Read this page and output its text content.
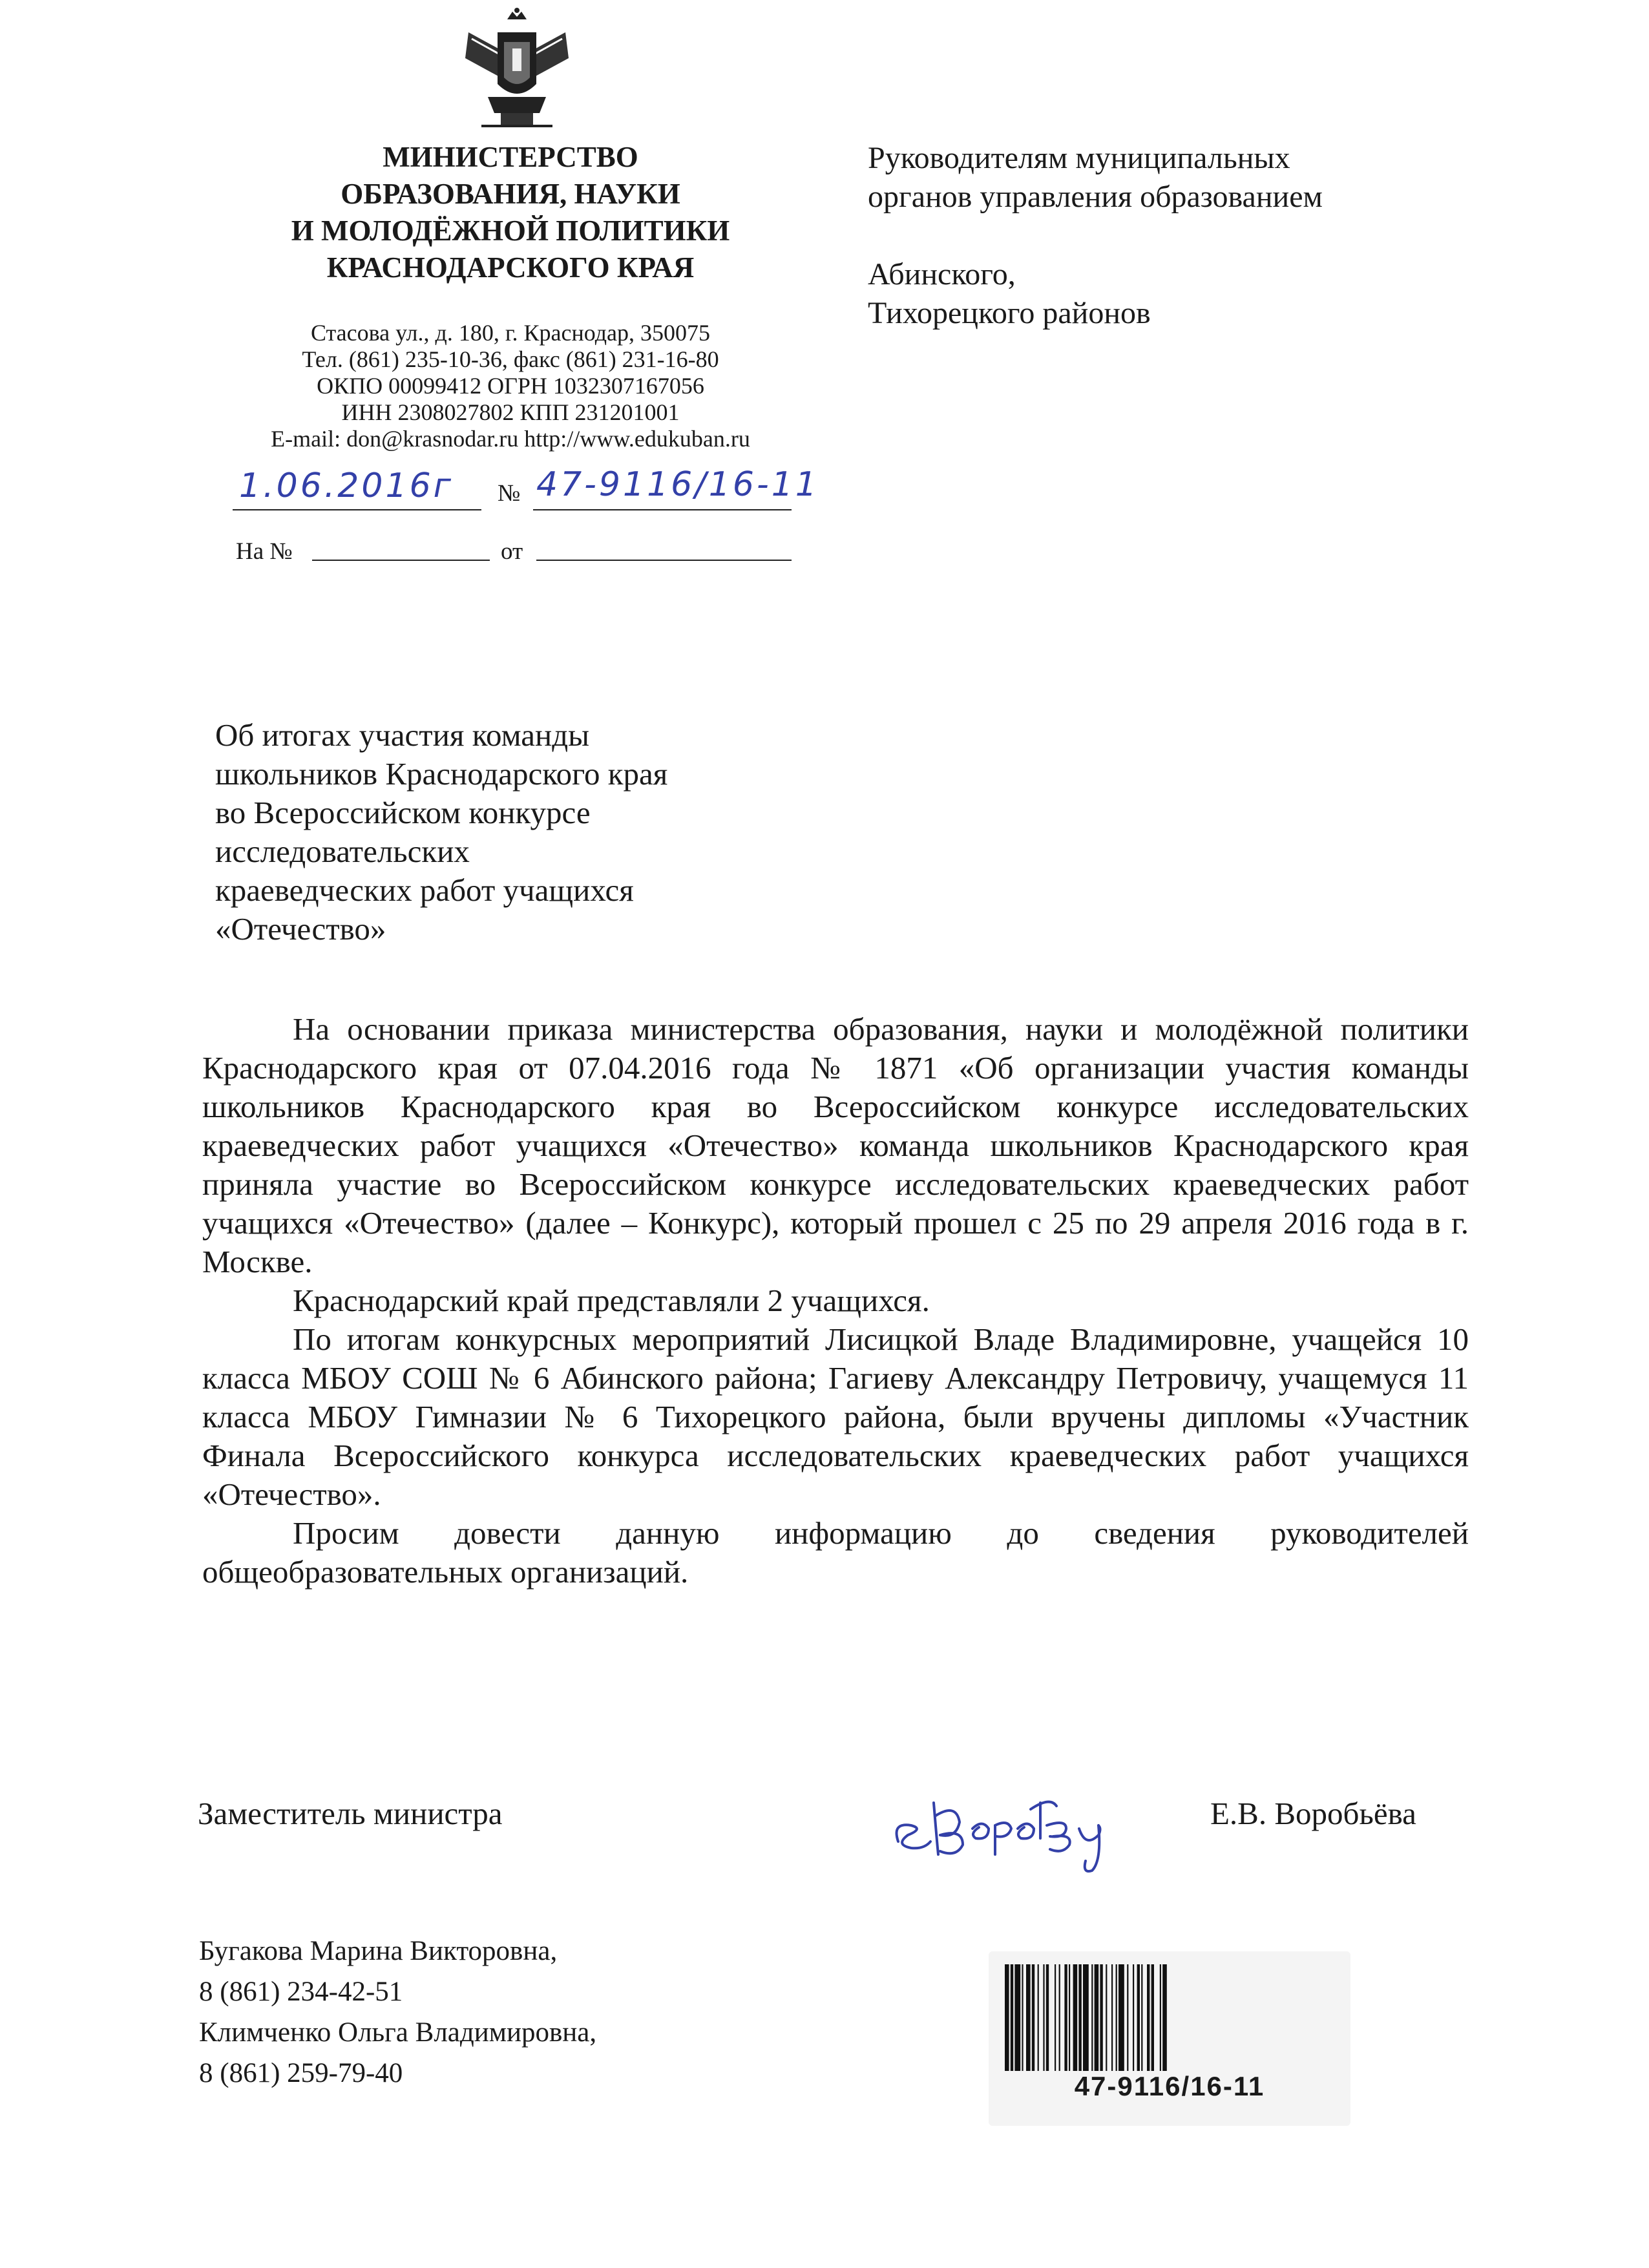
МИНИСТЕРСТВО
ОБРАЗОВАНИЯ, НАУКИ
И МОЛОДЁЖНОЙ ПОЛИТИКИ
КРАСНОДАРСКОГО КРАЯ
Стасова ул., д. 180, г. Краснодар, 350075
Тел. (861) 235-10-36, факс (861) 231-16-80
ОКПО 00099412 ОГРН 1032307167056
ИНН 2308027802 КПП 231201001
E-mail: don@krasnodar.ru http://www.edukuban.ru
1.06.2016г № 47-9116/16-11
На №	от
Руководителям муниципальных
органов управления образованием
Абинского,
Тихорецкого районов
Об итогах участия команды
школьников Краснодарского края
во Всероссийском конкурсе
исследовательских
краеведческих работ учащихся
«Отечество»

На основании приказа министерства образования, науки и молодёжной политики Краснодарского края от 07.04.2016 года № 1871 «Об организации участия команды школьников Краснодарского края во Всероссийском конкурсе исследовательских краеведческих работ учащихся «Отечество» команда школьников Краснодарского края приняла участие во Всероссийском конкурсе исследовательских краеведческих работ учащихся «Отечество» (далее – Конкурс), который прошел с 25 по 29 апреля 2016 года в г. Москве.

Краснодарский край представляли 2 учащихся.

По итогам конкурсных мероприятий Лисицкой Владе Владимировне, учащейся 10 класса МБОУ СОШ № 6 Абинского района; Гагиеву Александру Петровичу, учащемуся 11 класса МБОУ Гимназии № 6 Тихорецкого района, были вручены дипломы «Участник Финала Всероссийского конкурса исследовательских краеведческих работ учащихся «Отечество».

Просим довести данную информацию до сведения руководителей общеобразовательных организаций.

Заместитель министра	Е.В. Воробьёва
Бугакова Марина Викторовна,
8 (861) 234-42-51
Климченко Ольга Владимировна,
8 (861) 259-79-40	47-9116/16-11
